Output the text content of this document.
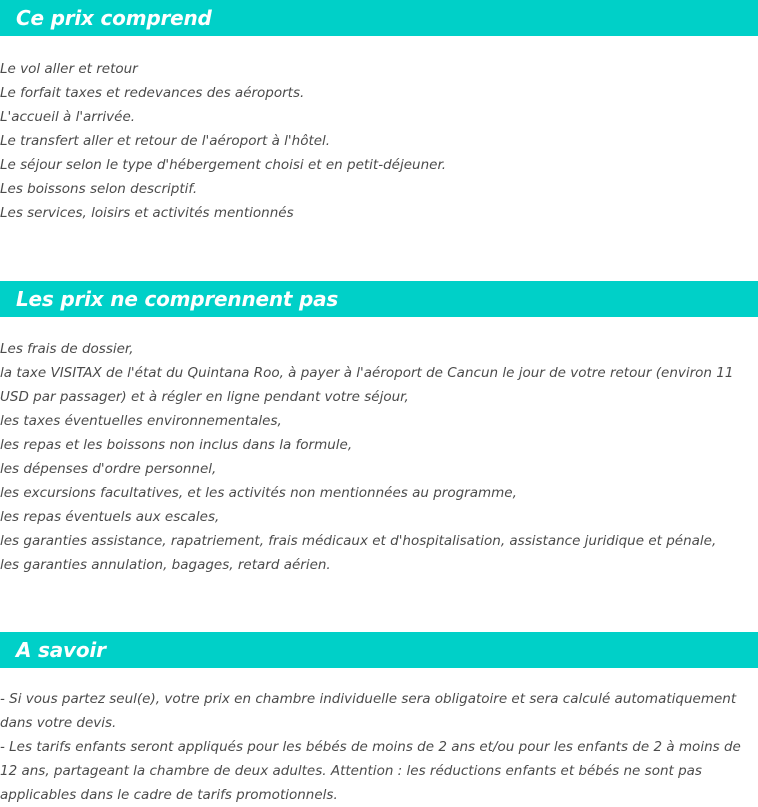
Ce prix comprend
Le vol aller et retour
Le forfait taxes et redevances des aéroports.
L'accueil à l'arrivée.
Le transfert aller et retour de l'aéroport à l'hôtel.
Le séjour selon le type d'hébergement choisi et en petit-déjeuner.
Les boissons selon descriptif.
Les services, loisirs et activités mentionnés
Les prix ne comprennent pas
Les frais de dossier,
la taxe VISITAX de l'état du Quintana Roo, à payer à l'aéroport de Cancun le jour de votre retour (environ 11 USD par passager) et à régler en ligne pendant votre séjour,
les taxes éventuelles environnementales,
les repas et les boissons non inclus dans la formule,
les dépenses d'ordre personnel,
les excursions facultatives, et les activités non mentionnées au programme,
les repas éventuels aux escales,
les garanties assistance, rapatriement, frais médicaux et d'hospitalisation, assistance juridique et pénale,
les garanties annulation, bagages, retard aérien.
A savoir
- Si vous partez seul(e), votre prix en chambre individuelle sera obligatoire et sera calculé automatiquement dans votre devis.
- Les tarifs enfants seront appliqués pour les bébés de moins de 2 ans et/ou pour les enfants de 2 à moins de 12 ans, partageant la chambre de deux adultes. Attention : les réductions enfants et bébés ne sont pas applicables dans le cadre de tarifs promotionnels.
